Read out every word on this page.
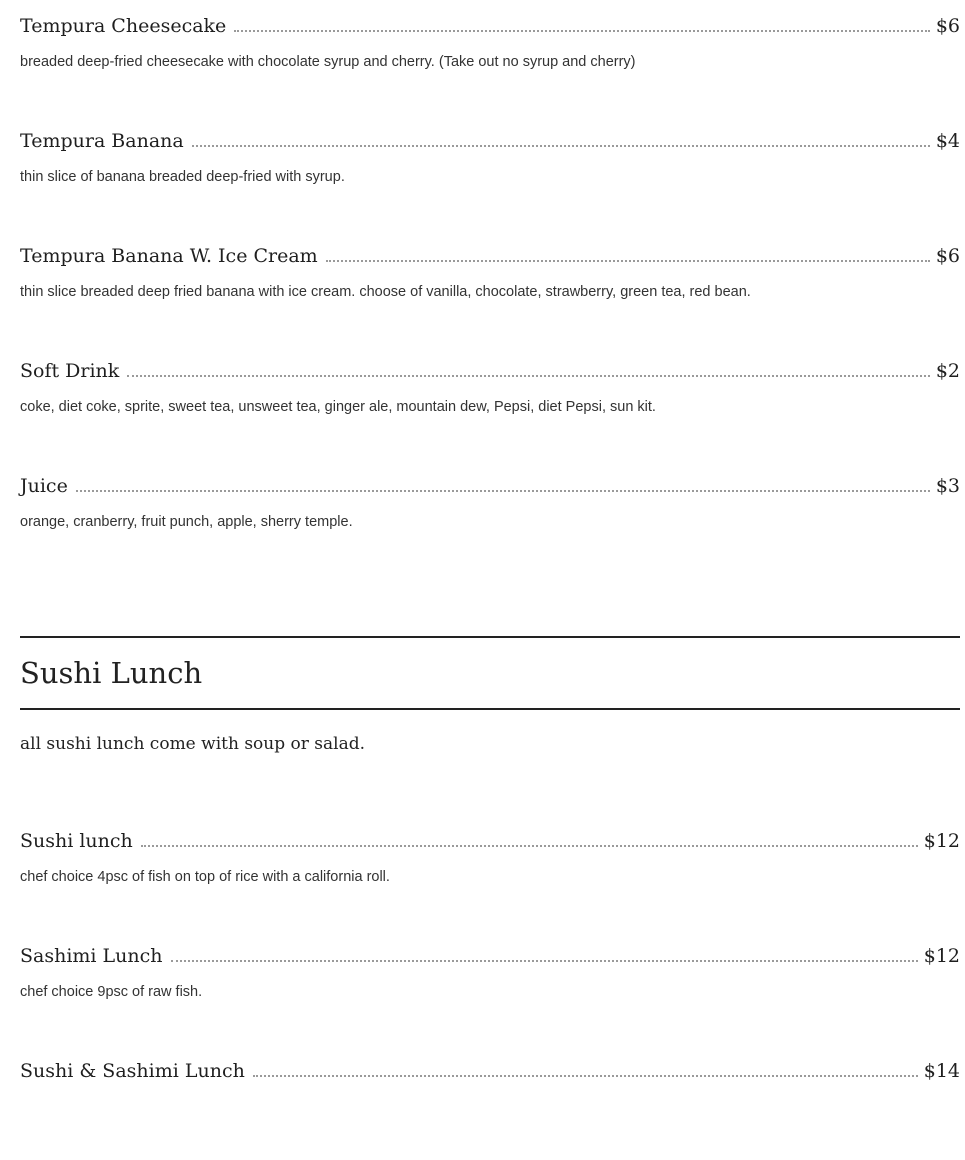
Tempura Cheesecake	$6
breaded deep-fried cheesecake with chocolate syrup and cherry. (Take out no syrup and cherry)
Tempura Banana	$4
thin slice of banana breaded deep-fried with syrup.
Tempura Banana W. Ice Cream	$6
thin slice breaded deep fried banana with ice cream. choose of vanilla, chocolate, strawberry, green tea, red bean.
Soft Drink	$2
coke, diet coke, sprite, sweet tea, unsweet tea, ginger ale, mountain dew, Pepsi, diet Pepsi, sun kit.
Juice	$3
orange, cranberry, fruit punch, apple, sherry temple.
Sushi Lunch
all sushi lunch come with soup or salad.
Sushi lunch	$12
chef choice 4psc of fish on top of rice with a california roll.
Sashimi Lunch	$12
chef choice 9psc of raw fish.
Sushi & Sashimi Lunch	$14
